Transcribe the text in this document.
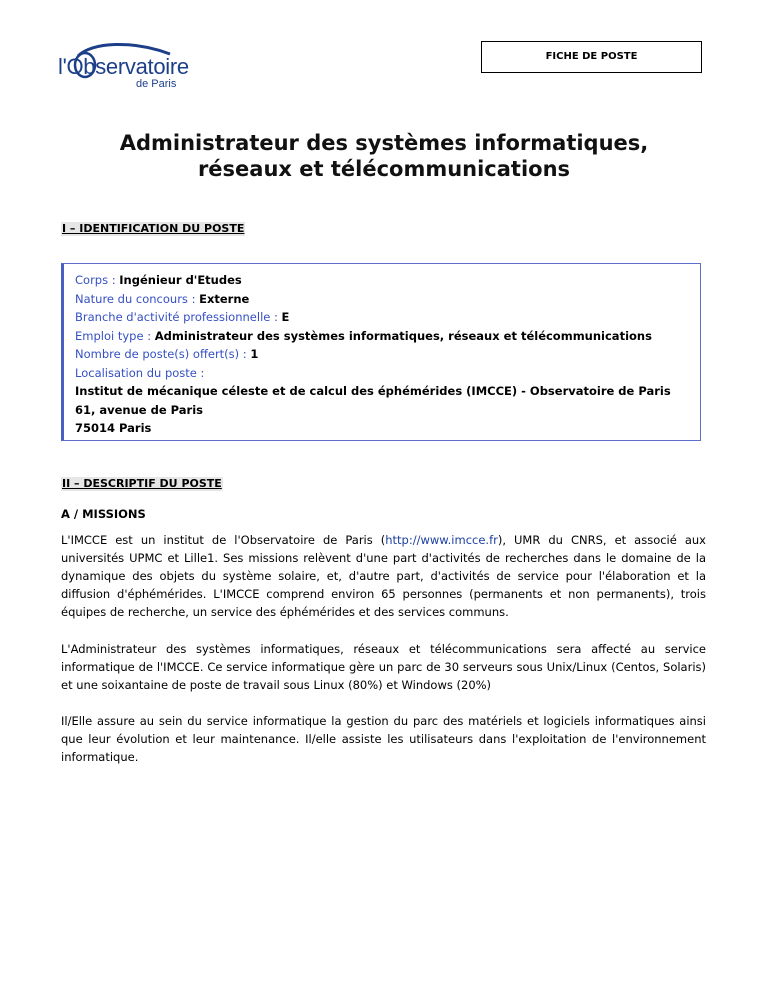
l'Observatoire
de Paris
FICHE DE POSTE
Administrateur des systèmes informatiques,
réseaux et télécommunications
I – IDENTIFICATION DU POSTE
Corps : Ingénieur d'Etudes
Nature du concours : Externe
Branche d'activité professionnelle : E
Emploi type : Administrateur des systèmes informatiques, réseaux et télécommunications
Nombre de poste(s) offert(s) : 1
Localisation du poste :
Institut de mécanique céleste et de calcul des éphémérides (IMCCE) - Observatoire de Paris
61, avenue de Paris
75014 Paris
II – DESCRIPTIF DU POSTE
A / MISSIONS
L'IMCCE est un institut de l'Observatoire de Paris (http://www.imcce.fr), UMR du CNRS, et associé aux universités UPMC et Lille1. Ses missions relèvent d'une part d'activités de recherches dans le domaine de la dynamique des objets du système solaire, et, d'autre part, d'activités de service pour l'élaboration et la diffusion d'éphémérides. L'IMCCE comprend environ 65 personnes (permanents et non permanents), trois équipes de recherche, un service des éphémérides et des services communs.
L'Administrateur des systèmes informatiques, réseaux et télécommunications sera affecté au service informatique de l'IMCCE. Ce service informatique gère un parc de 30 serveurs sous Unix/Linux (Centos, Solaris) et une soixantaine de poste de travail sous Linux (80%) et Windows (20%)
Il/Elle assure au sein du service informatique la gestion du parc des matériels et logiciels informatiques ainsi que leur évolution et leur maintenance. Il/elle assiste les utilisateurs dans l'exploitation de l'environnement informatique.
